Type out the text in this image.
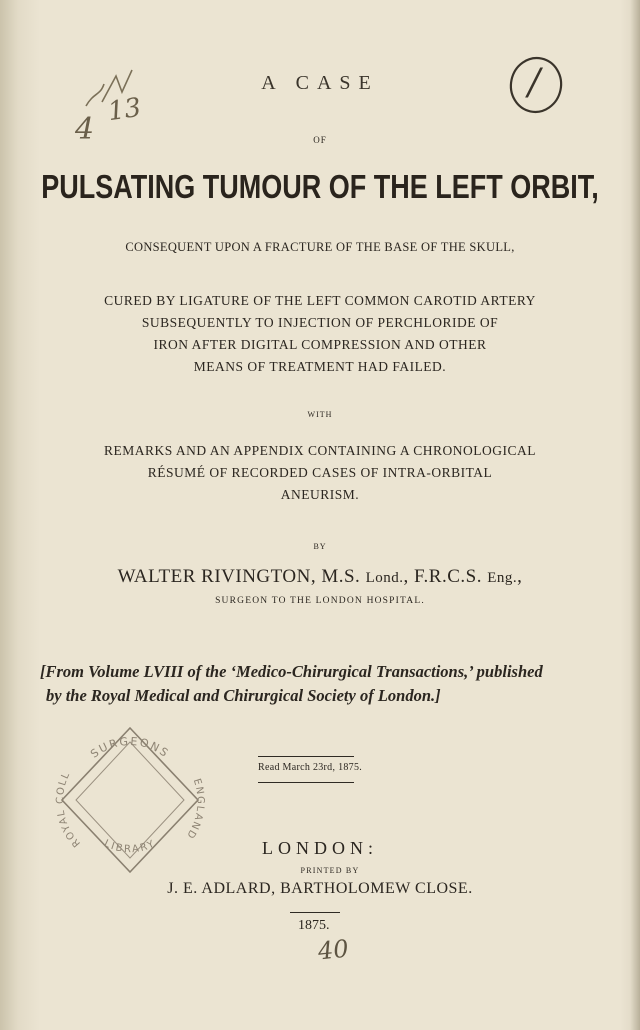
4
13
/
A CASE
OF
PULSATING TUMOUR OF THE LEFT ORBIT,
CONSEQUENT UPON A FRACTURE OF THE BASE OF THE SKULL,
CURED BY LIGATURE OF THE LEFT COMMON CAROTID ARTERY
SUBSEQUENTLY TO INJECTION OF PERCHLORIDE OF
IRON AFTER DIGITAL COMPRESSION AND OTHER
MEANS OF TREATMENT HAD FAILED.
WITH
REMARKS AND AN APPENDIX CONTAINING A CHRONOLOGICAL
RÉSUMÉ OF RECORDED CASES OF INTRA-ORBITAL
ANEURISM.
BY
WALTER RIVINGTON, M.S. Lond., F.R.C.S. Eng.,
SURGEON TO THE LONDON HOSPITAL.
[From Volume LVIII of the ‘Medico-Chirurgical Transactions,’ published
by the Royal Medical and Chirurgical Society of London.]
SURGEONS
ROYAL COLL
ENGLAND
LIBRARY
Read March 23rd, 1875.
LONDON:
PRINTED BY
J. E. ADLARD, BARTHOLOMEW CLOSE.
1875.
40
